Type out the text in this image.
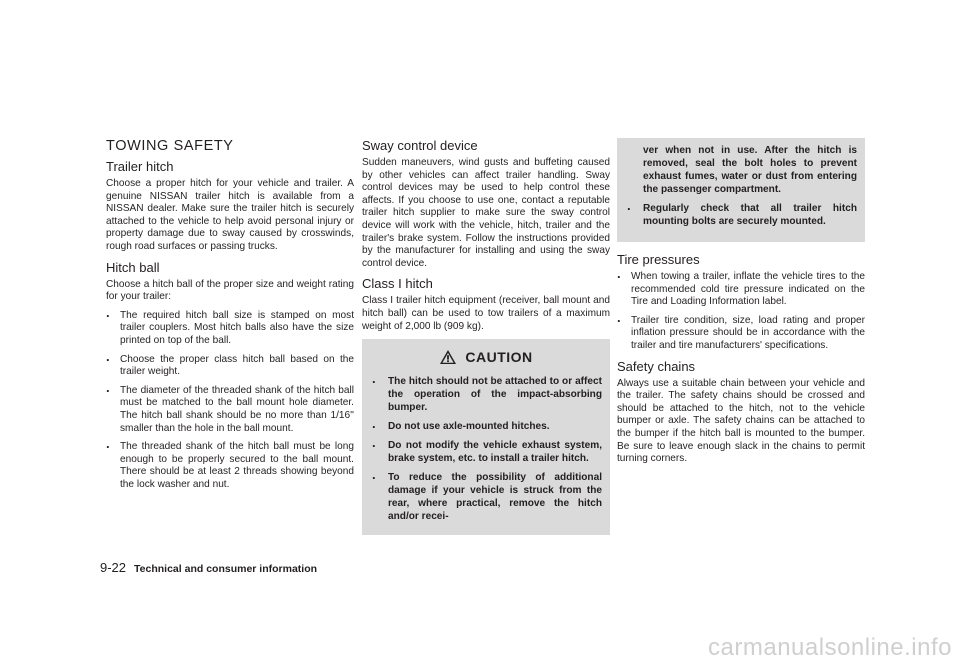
TOWING SAFETY
Trailer hitch

Choose a proper hitch for your vehicle and trailer. A genuine NISSAN trailer hitch is available from a NISSAN dealer. Make sure the trailer hitch is securely attached to the vehicle to help avoid personal injury or property damage due to sway caused by crosswinds, rough road surfaces or passing trucks.

Hitch ball

Choose a hitch ball of the proper size and weight rating for your trailer:

. The required hitch ball size is stamped on most trailer couplers. Most hitch balls also have the size printed on top of the ball.
. Choose the proper class hitch ball based on the trailer weight.
. The diameter of the threaded shank of the hitch ball must be matched to the ball mount hole diameter. The hitch ball shank should be no more than 1/16'' smaller than the hole in the ball mount.
. The threaded shank of the hitch ball must be long enough to be properly secured to the ball mount. There should be at least 2 threads showing beyond the lock washer and nut.
Sway control device

Sudden maneuvers, wind gusts and buffeting caused by other vehicles can affect trailer handling. Sway control devices may be used to help control these affects. If you choose to use one, contact a reputable trailer hitch supplier to make sure the sway control device will work with the vehicle, hitch, trailer and the trailer's brake system. Follow the instructions provided by the manufacturer for installing and using the sway control device.

Class I hitch

Class I trailer hitch equipment (receiver, ball mount and hitch ball) can be used to tow trailers of a maximum weight of 2,000 lb (909 kg).

CAUTION
. The hitch should not be attached to or affect the operation of the impact-absorbing bumper.
. Do not use axle-mounted hitches.
. Do not modify the vehicle exhaust system, brake system, etc. to install a trailer hitch.
. To reduce the possibility of additional damage if your vehicle is struck from the rear, where practical, remove the hitch and/or recei-

ver when not in use. After the hitch is removed, seal the bolt holes to prevent exhaust fumes, water or dust from entering the passenger compartment.

. Regularly check that all trailer hitch mounting bolts are securely mounted.
Tire pressures
. When towing a trailer, inflate the vehicle tires to the recommended cold tire pressure indicated on the Tire and Loading Information label.
. Trailer tire condition, size, load rating and proper inflation pressure should be in accordance with the trailer and tire manufacturers' specifications.
Safety chains

Always use a suitable chain between your vehicle and the trailer. The safety chains should be crossed and should be attached to the hitch, not to the vehicle bumper or axle. The safety chains can be attached to the bumper if the hitch ball is mounted to the bumper. Be sure to leave enough slack in the chains to permit turning corners.

9-22 Technical and consumer information
carmanualsonline.info
